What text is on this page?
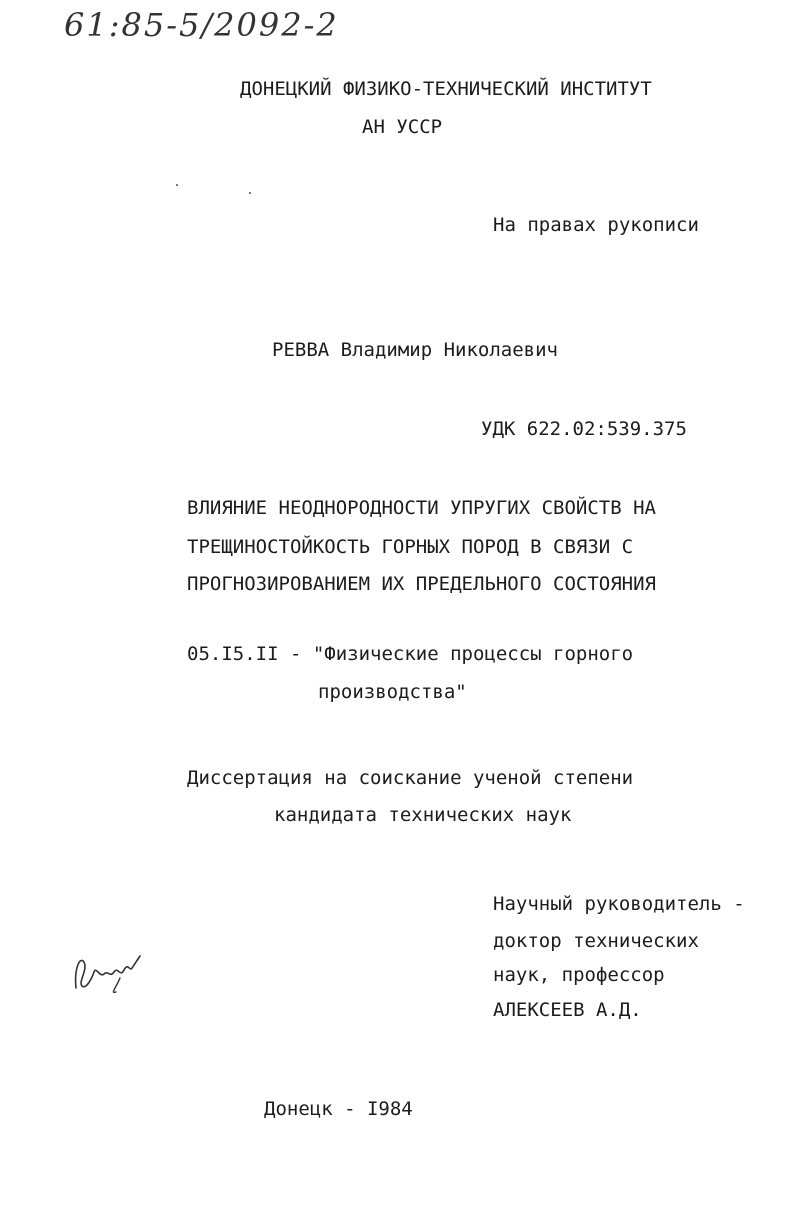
61:85-5/2092-2
ДОНЕЦКИЙ ФИЗИКО-ТЕХНИЧЕСКИЙ ИНСТИТУТ
АН УССР
На правах рукописи
РЕВВА Владимир Николаевич
УДК 622.02:539.375
ВЛИЯНИЕ НЕОДНОРОДНОСТИ УПРУГИХ СВОЙСТВ НА
ТРЕЩИНОСТОЙКОСТЬ ГОРНЫХ ПОРОД В СВЯЗИ С
ПРОГНОЗИРОВАНИЕМ ИХ ПРЕДЕЛЬНОГО СОСТОЯНИЯ
05.I5.II - "Физические процессы горного
производства"
Диссертация на соискание ученой степени
кандидата технических наук
Научный руководитель -
доктор технических
наук, профессор
АЛЕКСЕЕВ А.Д.
Донецк - I984
